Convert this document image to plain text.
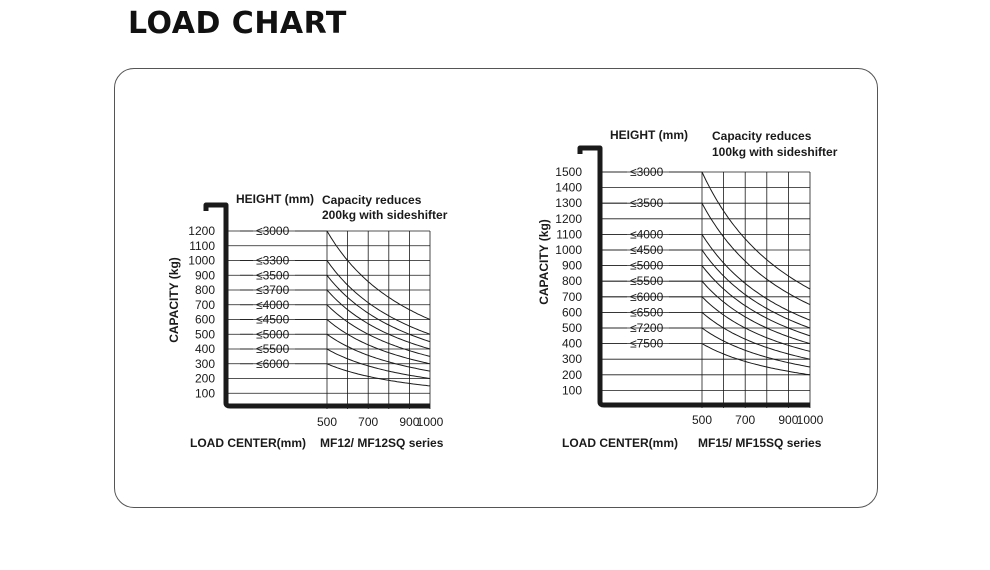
LOAD CHART
100
200
300
400
500
600
700
800
900
1000
1100
1200	≤3000
≤3300
≤3500
≤3700
≤4000
≤4500
≤5000
≤5500
≤6000
500 700 900
1000
HEIGHT (mm) Capacity reduces
200kg with sideshifter
CAPACITY (kg)
LOAD CENTER(mm) MF12/ MF12SQ series
100
200
300
400
500
600
700
800
900
1000
1100
1200
1300
1400
1500	≤3000
≤3500
≤4000
≤4500
≤5000
≤5500
≤6000
≤6500
≤7200
≤7500
500 700 900
1000
HEIGHT (mm) Capacity reduces
100kg with sideshifter
CAPACITY (kg)
LOAD CENTER(mm) MF15/ MF15SQ series
